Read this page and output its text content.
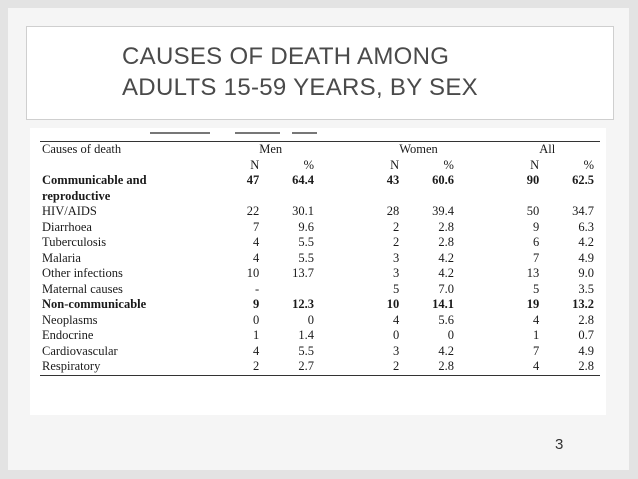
CAUSES OF DEATH AMONG
ADULTS 15-59 YEARS, BY SEX
Causes of death		Men			Women			All
	N	%		N	%		N	%
Communicable and	47	64.4		43	60.6		90	62.5
reproductive								
HIV/AIDS	22	30.1		28	39.4		50	34.7
Diarrhoea	7	9.6		2	2.8		9	6.3
Tuberculosis	4	5.5		2	2.8		6	4.2
Malaria	4	5.5		3	4.2		7	4.9
Other infections	10	13.7		3	4.2		13	9.0
Maternal causes	-			5	7.0		5	3.5
Non-communicable	9	12.3		10	14.1		19	13.2
Neoplasms	0	0		4	5.6		4	2.8
Endocrine	1	1.4		0	0		1	0.7
Cardiovascular	4	5.5		3	4.2		7	4.9
Respiratory	2	2.7		2	2.8		4	2.8
3
